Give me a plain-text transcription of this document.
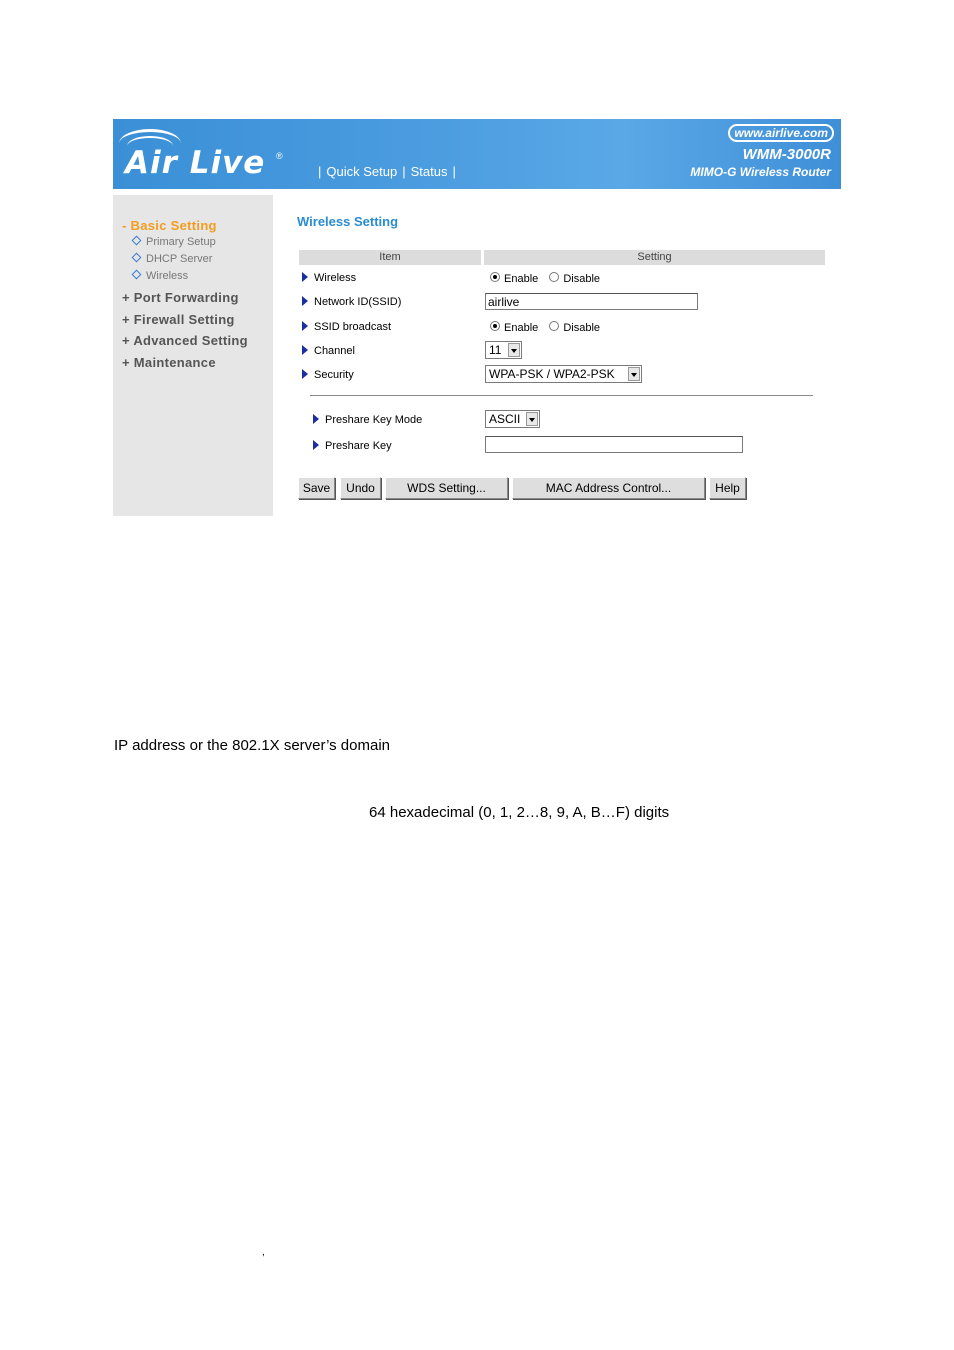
Air Live ®
| Quick Setup | Status |
www.airlive.com
WMM-3000R
MIMO-G Wireless Router
- Basic Setting
Primary Setup
DHCP Server
Wireless
+ Port Forwarding
+ Firewall Setting
+ Advanced Setting
+ Maintenance
Wireless Setting
Item	Setting
Wireless	Enable Disable
Network ID(SSID)	airlive
SSID broadcast	Enable Disable
Channel	11
Security	WPA-PSK / WPA2-PSK
Preshare Key Mode	ASCII
Preshare Key
Save	Undo	WDS Setting...	MAC Address Control...	Help
IP address or the 802.1X server’s domain
64 hexadecimal (0, 1, 2…8, 9, A, B…F) digits
,
